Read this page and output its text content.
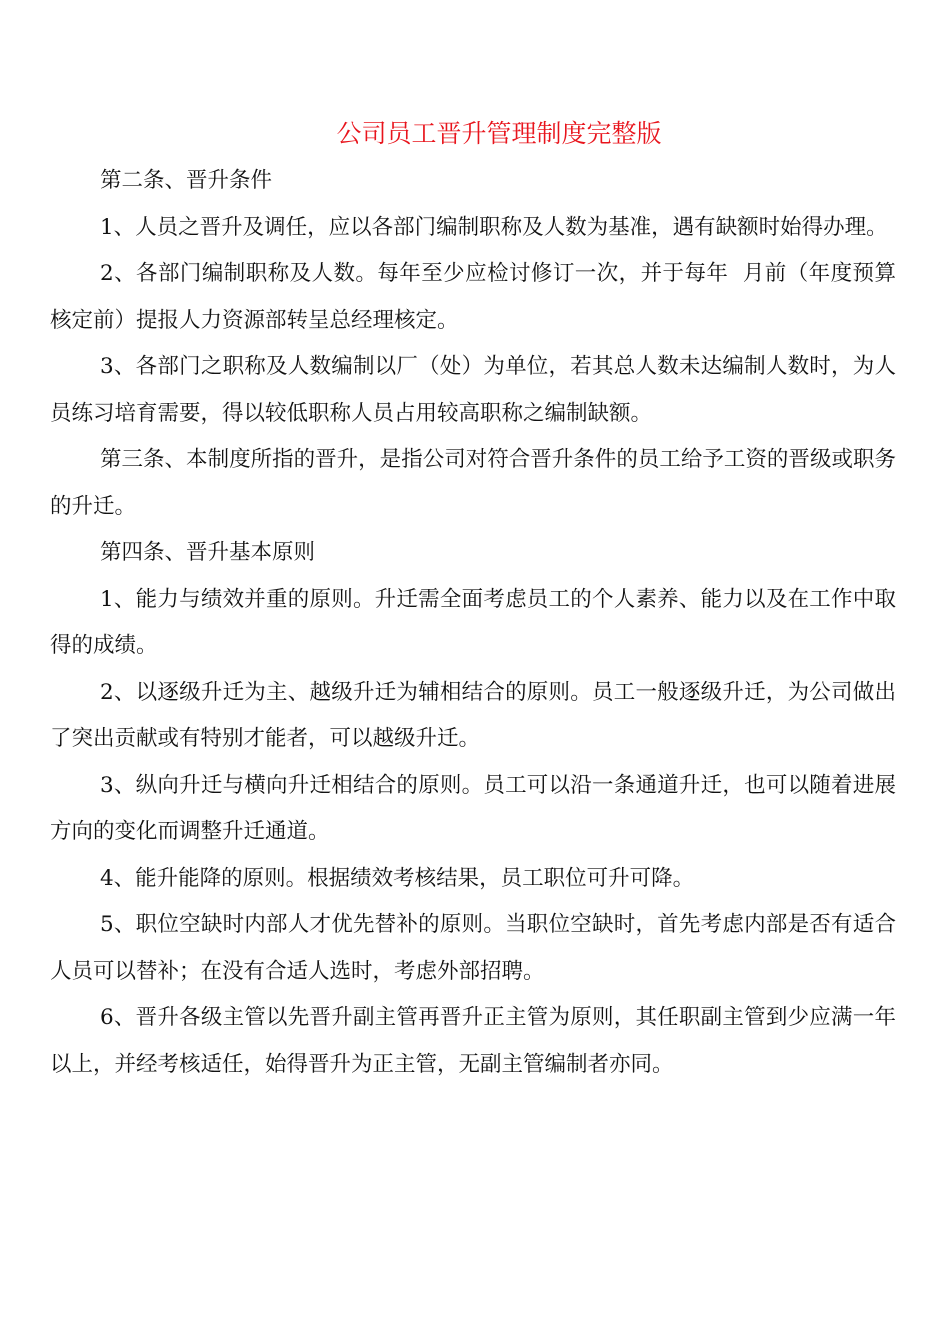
公司员工晋升管理制度完整版

第二条、晋升条件

1、人员之晋升及调任，应以各部门编制职称及人数为基准，遇有缺额时始得办理。

2、各部门编制职称及人数。每年至少应检讨修订一次，并于每年  月前（年度预算核定前）提报人力资源部转呈总经理核定。

3、各部门之职称及人数编制以厂（处）为单位，若其总人数未达编制人数时，为人员练习培育需要，得以较低职称人员占用较高职称之编制缺额。

第三条、本制度所指的晋升，是指公司对符合晋升条件的员工给予工资的晋级或职务的升迁。

第四条、晋升基本原则

1、能力与绩效并重的原则。升迁需全面考虑员工的个人素养、能力以及在工作中取得的成绩。

2、以逐级升迁为主、越级升迁为辅相结合的原则。员工一般逐级升迁，为公司做出了突出贡献或有特别才能者，可以越级升迁。

3、纵向升迁与横向升迁相结合的原则。员工可以沿一条通道升迁，也可以随着进展方向的变化而调整升迁通道。

4、能升能降的原则。根据绩效考核结果，员工职位可升可降。

5、职位空缺时内部人才优先替补的原则。当职位空缺时，首先考虑内部是否有适合人员可以替补；在没有合适人选时，考虑外部招聘。

6、晋升各级主管以先晋升副主管再晋升正主管为原则，其任职副主管到少应满一年以上，并经考核适任，始得晋升为正主管，无副主管编制者亦同。
